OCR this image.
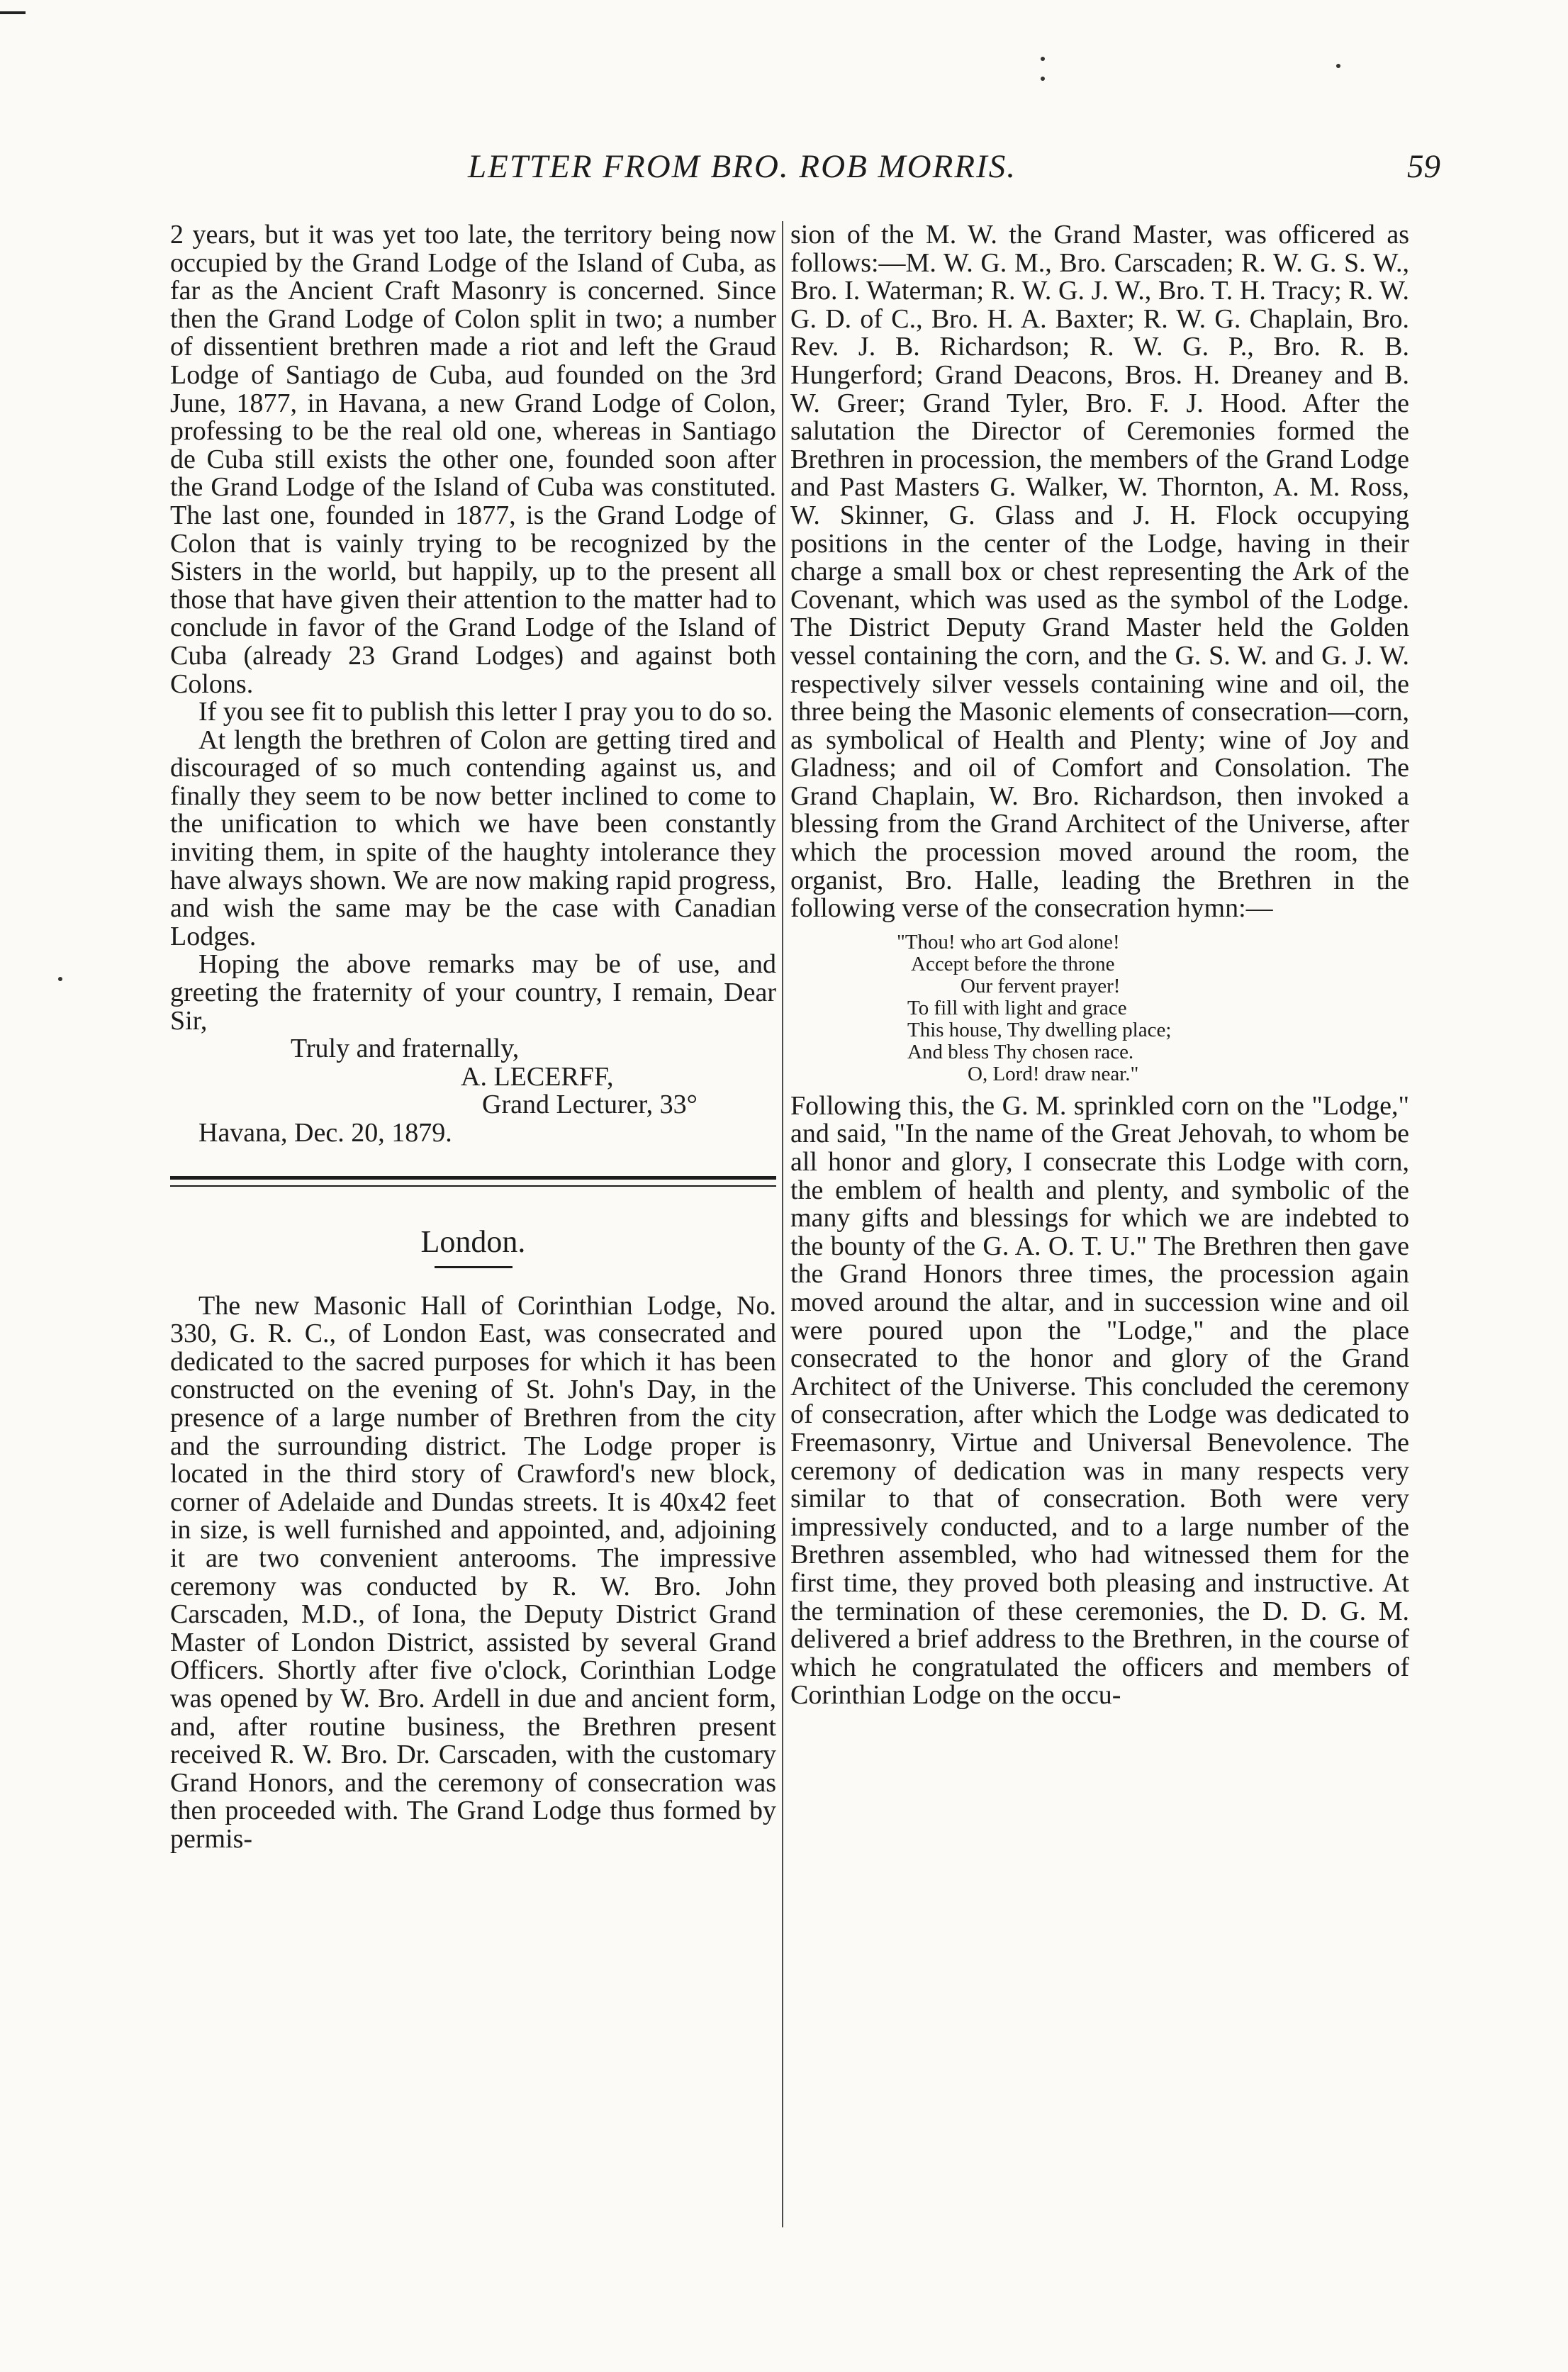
LETTER FROM BRO. ROB MORRIS.	59

2 years, but it was yet too late, the territory being now occupied by the Grand Lodge of the Island of Cuba, as far as the Ancient Craft Masonry is concerned. Since then the Grand Lodge of Colon split in two; a number of dissentient brethren made a riot and left the Graud Lodge of Santiago de Cuba, aud founded on the 3rd June, 1877, in Havana, a new Grand Lodge of Colon, professing to be the real old one, whereas in Santiago de Cuba still exists the other one, founded soon after the Grand Lodge of the Island of Cuba was constituted. The last one, founded in 1877, is the Grand Lodge of Colon that is vainly trying to be recognized by the Sisters in the world, but happily, up to the present all those that have given their attention to the matter had to conclude in favor of the Grand Lodge of the Island of Cuba (already 23 Grand Lodges) and against both Colons.

If you see fit to publish this letter I pray you to do so.

At length the brethren of Colon are getting tired and discouraged of so much contending against us, and finally they seem to be now better inclined to come to the unification to which we have been constantly inviting them, in spite of the haughty intolerance they have always shown. We are now making rapid progress, and wish the same may be the case with Canadian Lodges.

Hoping the above remarks may be of use, and greeting the fraternity of your country, I remain, Dear Sir,

Truly and fraternally,

A. LECERFF,

Grand Lecturer, 33°

Havana, Dec. 20, 1879.

London.

The new Masonic Hall of Corinthian Lodge, No. 330, G. R. C., of London East, was consecrated and dedicated to the sacred purposes for which it has been constructed on the evening of St. John's Day, in the presence of a large number of Brethren from the city and the surrounding district. The Lodge proper is located in the third story of Crawford's new block, corner of Adelaide and Dundas streets. It is 40x42 feet in size, is well furnished and appointed, and, adjoining it are two convenient anterooms. The impressive ceremony was conducted by R. W. Bro. John Carscaden, M.D., of Iona, the Deputy District Grand Master of London District, assisted by several Grand Officers. Shortly after five o'clock, Corinthian Lodge was opened by W. Bro. Ardell in due and ancient form, and, after routine business, the Brethren present received R. W. Bro. Dr. Carscaden, with the customary Grand Honors, and the ceremony of consecration was then proceeded with. The Grand Lodge thus formed by permis-

sion of the M. W. the Grand Master, was officered as follows:—M. W. G. M., Bro. Carscaden; R. W. G. S. W., Bro. I. Waterman; R. W. G. J. W., Bro. T. H. Tracy; R. W. G. D. of C., Bro. H. A. Baxter; R. W. G. Chaplain, Bro. Rev. J. B. Richardson; R. W. G. P., Bro. R. B. Hungerford; Grand Deacons, Bros. H. Dreaney and B. W. Greer; Grand Tyler, Bro. F. J. Hood. After the salutation the Director of Ceremonies formed the Brethren in procession, the members of the Grand Lodge and Past Masters G. Walker, W. Thornton, A. M. Ross, W. Skinner, G. Glass and J. H. Flock occupying positions in the center of the Lodge, having in their charge a small box or chest representing the Ark of the Covenant, which was used as the symbol of the Lodge. The District Deputy Grand Master held the Golden vessel containing the corn, and the G. S. W. and G. J. W. respectively silver vessels containing wine and oil, the three being the Masonic elements of consecration—corn, as symbolical of Health and Plenty; wine of Joy and Gladness; and oil of Comfort and Consolation. The Grand Chaplain, W. Bro. Richardson, then invoked a blessing from the Grand Architect of the Universe, after which the procession moved around the room, the organist, Bro. Halle, leading the Brethren in the following verse of the consecration hymn:—

"Thou! who art God alone!
Accept before the throne
Our fervent prayer!
To fill with light and grace
This house, Thy dwelling place;
And bless Thy chosen race.
O, Lord! draw near."

Following this, the G. M. sprinkled corn on the "Lodge," and said, "In the name of the Great Jehovah, to whom be all honor and glory, I consecrate this Lodge with corn, the emblem of health and plenty, and symbolic of the many gifts and blessings for which we are indebted to the bounty of the G. A. O. T. U." The Brethren then gave the Grand Honors three times, the procession again moved around the altar, and in succession wine and oil were poured upon the "Lodge," and the place consecrated to the honor and glory of the Grand Architect of the Universe. This concluded the ceremony of consecration, after which the Lodge was dedicated to Freemasonry, Virtue and Universal Benevolence. The ceremony of dedication was in many respects very similar to that of consecration. Both were very impressively conducted, and to a large number of the Brethren assembled, who had witnessed them for the first time, they proved both pleasing and instructive. At the termination of these ceremonies, the D. D. G. M. delivered a brief address to the Brethren, in the course of which he congratulated the officers and members of Corinthian Lodge on the occu-
